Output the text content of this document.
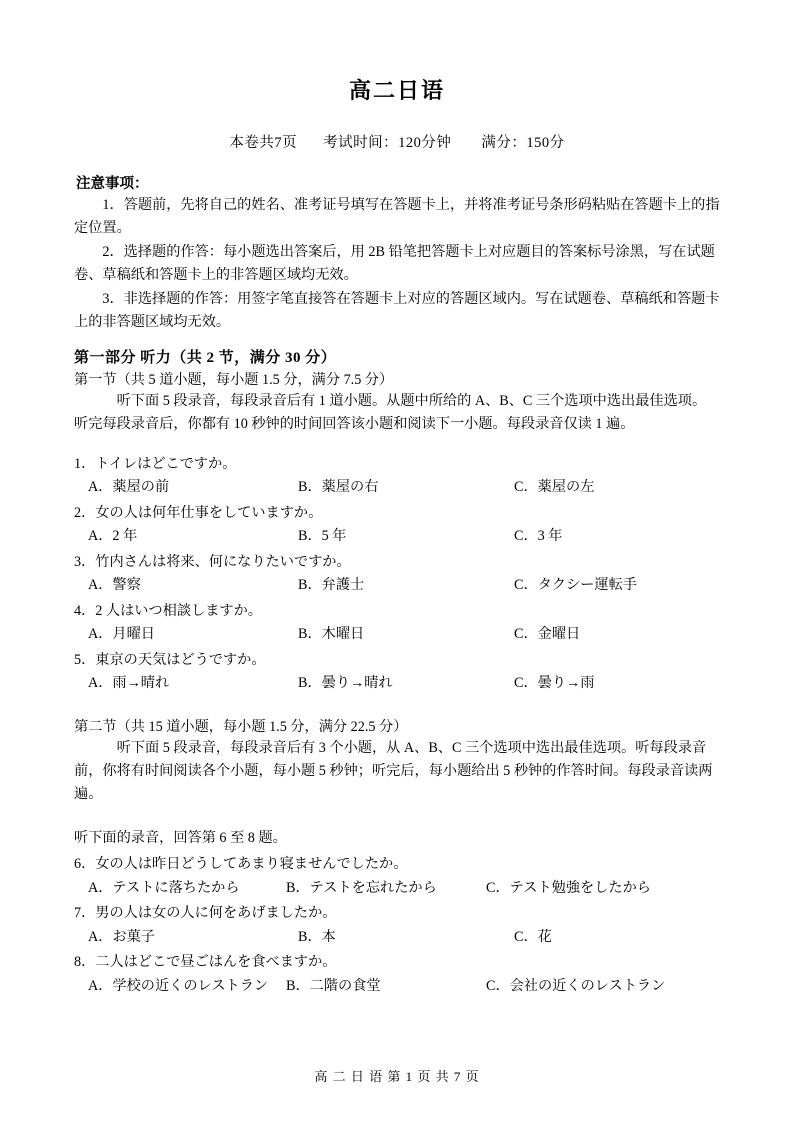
高二日语
本卷共7页 考试时间：120分钟 满分：150分
注意事项：

1．答题前，先将自己的姓名、准考证号填写在答题卡上，并将准考证号条形码粘贴在答题卡上的指定位置。

2．选择题的作答：每小题选出答案后，用 2B 铅笔把答题卡上对应题目的答案标号涂黑，写在试题卷、草稿纸和答题卡上的非答题区域均无效。

3．非选择题的作答：用签字笔直接答在答题卡上对应的答题区域内。写在试题卷、草稿纸和答题卡上的非答题区域均无效。

第一部分 听力（共 2 节，满分 30 分）
第一节（共 5 道小题，每小题 1.5 分，满分 7.5 分）

听下面 5 段录音，每段录音后有 1 道小题。从题中所给的 A、B、C 三个选项中选出最佳选项。听完每段录音后，你都有 10 秒钟的时间回答该小题和阅读下一小题。每段录音仅读 1 遍。

1．トイレはどこですか。

A．薬屋の前	B．薬屋の右	C．薬屋の左

2．女の人は何年仕事をしていますか。

A．2 年	B．5 年	C．3 年

3．竹内さんは将来、何になりたいですか。

A．警察	B．弁護士	C．タクシー運転手

4．2 人はいつ相談しますか。

A．月曜日	B．木曜日	C．金曜日

5．東京の天気はどうですか。

A．雨→晴れ	B．曇り→晴れ	C．曇り→雨
第二节（共 15 道小题，每小题 1.5 分，满分 22.5 分）

听下面 5 段录音，每段录音后有 3 个小题，从 A、B、C 三个选项中选出最佳选项。听每段录音前，你将有时间阅读各个小题，每小题 5 秒钟；听完后，每小题给出 5 秒钟的作答时间。每段录音读两遍。

听下面的录音，回答第 6 至 8 题。

6．女の人は昨日どうしてあまり寝ませんでしたか。

A．テストに落ちたから	B．テストを忘れたから	C．テスト勉強をしたから

7．男の人は女の人に何をあげましたか。

A．お菓子	B．本	C．花

8．二人はどこで昼ごはんを食べますか。

A．学校の近くのレストラン	B．二階の食堂	C．会社の近くのレストラン
高 二 日 语 第 1 页 共 7 页
